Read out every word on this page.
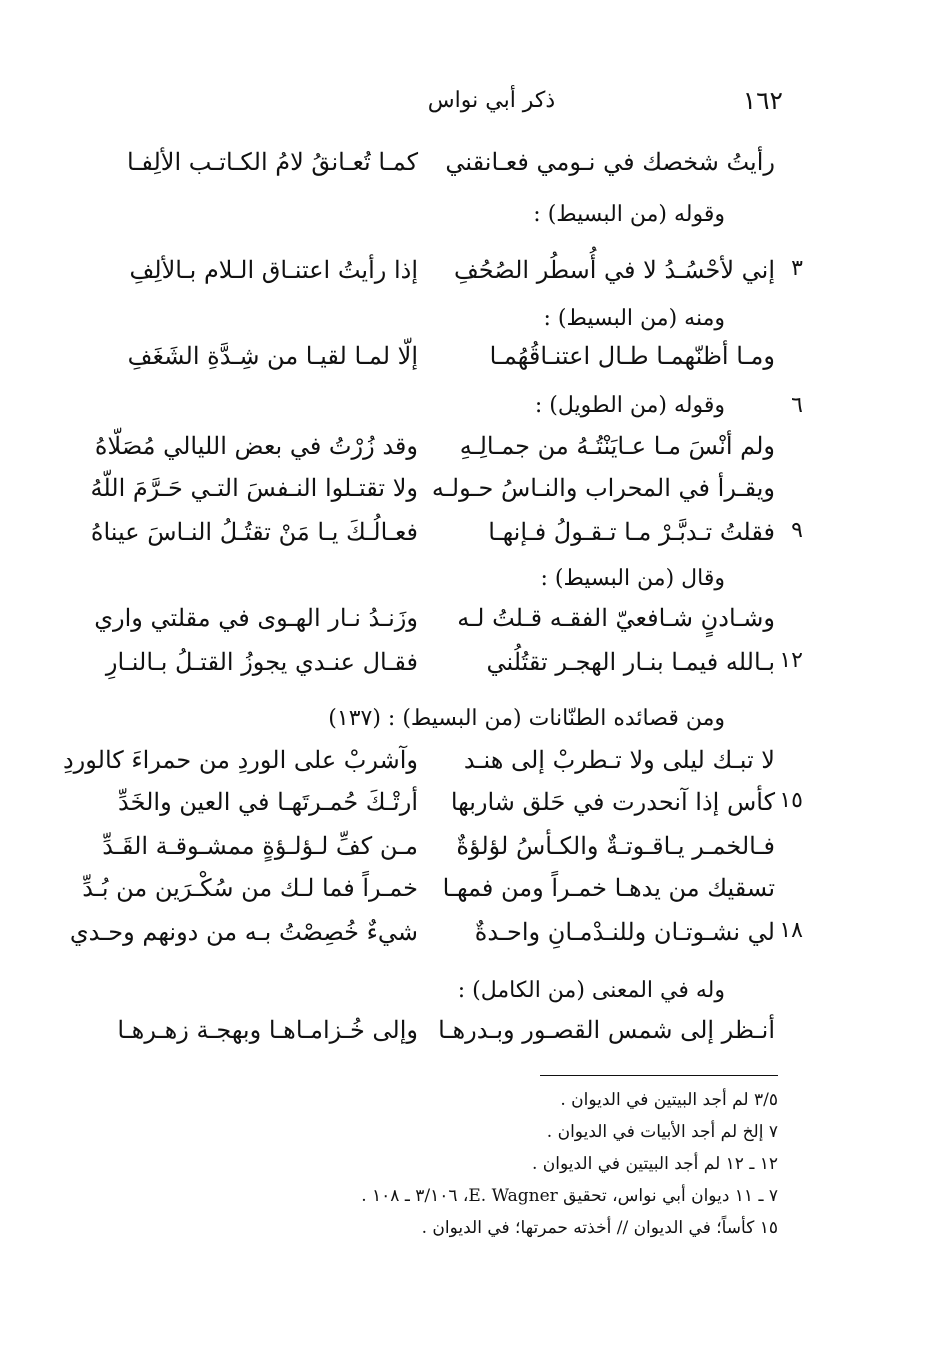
١٦٢
ذكر أبي نواس
رأيتُ شخصك في نـومي فعـانقني
كمـا تُعـانقُ لامُ الكـاتـب الألِفـا
وقوله (من البسيط) :
٣
إني لأحْسُـدُ لا في أُسطُر الصُحُفِ
إذا رأيتُ اعتنـاق الـلام بـالألِفِ
ومنه (من البسيط) :
ومـا أظنّهمـا طـال اعتنـاقُهُمـا
إلّا لمـا لقيـا من شِـدَّةِ الشَغَفِ
٦
وقوله (من الطويل) :
ولم أنْسَ مـا عـايَنْتُـهُ من جمـالِـهِ
وقد زُرْتُ في بعض الليالي مُصَلّاهُ
ويقـرأ في المحراب والنـاسُ حـولـه
ولا تقتـلوا النـفسَ التـي حَـرَّمَ اللّهُ
٩
فقلتُ تـدبَّـرْ مـا تـقـولُ فـإنهـا
فعـالُـكَ يـا مَنْ تقتُـلُ النـاسَ عيناهُ
وقال (من البسيط) :
وشـادنٍ شـافعيّ الفقـه قـلتُ لـه
وزَنـدُ نـار الهـوى في مقلتي واري
١٢
بـالله فيمـا بنـار الهجـر تقتُلُني
فقـال عنـدي يجوزُ القتـلُ بـالنـارِ
ومن قصائده الطنّانات (من البسيط) : (١٣٧)
لا تبـك ليلى ولا تـطربْ إلى هنـد
وآشربْ على الوردِ من حمراءَ كالوردِ
١٥
كأس إذا آنحدرت في حَلق شاربها
أرتْـكَ حُمـرتَهـا في العين والخَدِّ
فـالخمـر يـاقـوتـةٌ والكـأسُ لؤلؤةٌ
مـن كفِّ لـؤلـؤةٍ ممشـوقـة القَـدِّ
تسقيك من يدهـا خمـراً ومن فمهـا
خمـراً فما لـك من سُكْـرَين من بُـدِّ
١٨
لي نشـوتـان وللنـدْمـانِ واحـدةٌ
شيءٌ خُصِصْتُ بـه من دونهم وحـدي
وله في المعنى (من الكامل) :
أنـظر إلى شمس القصـور وبـدرهـا
وإلى خُـزامـاهـا وبهجـة زهـرهـا
٣/٥ لم أجد البيتين في الديوان .
٧ إلخ لم أجد الأبيات في الديوان .
١٢ ـ ١٢ لم أجد البيتين في الديوان .
٧ ـ ١١ ديوان أبي نواس، تحقيق E. Wagner، ٣/١٠٦ ـ ١٠٨ .
١٥ كأساً؛ في الديوان // أخذته حمرتها؛ في الديوان .
